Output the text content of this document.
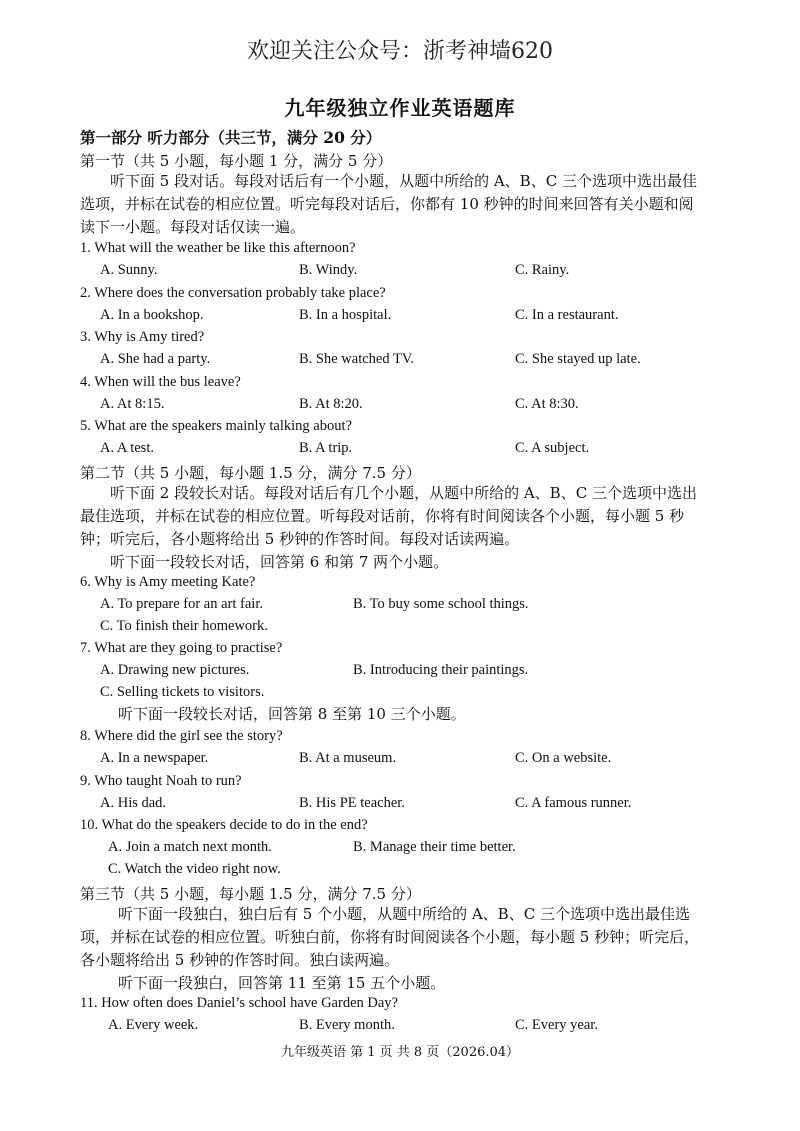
欢迎关注公众号：浙考神墙620
九年级独立作业英语题库
第一部分 听力部分（共三节，满分 20 分）
第一节（共 5 小题，每小题 1 分，满分 5 分）
听下面 5 段对话。每段对话后有一个小题，从题中所给的 A、B、C 三个选项中选出最佳
选项，并标在试卷的相应位置。听完每段对话后，你都有 10 秒钟的时间来回答有关小题和阅
读下一小题。每段对话仅读一遍。
1. What will the weather be like this afternoon?
A. Sunny.	B. Windy.	C. Rainy.
2. Where does the conversation probably take place?
A. In a bookshop.	B. In a hospital.	C. In a restaurant.
3. Why is Amy tired?
A. She had a party.	B. She watched TV.	C. She stayed up late.
4. When will the bus leave?
A. At 8:15.	B. At 8:20.	C. At 8:30.
5. What are the speakers mainly talking about?
A. A test.	B. A trip.	C. A subject.
第二节（共 5 小题，每小题 1.5 分，满分 7.5 分）
听下面 2 段较长对话。每段对话后有几个小题，从题中所给的 A、B、C 三个选项中选出
最佳选项，并标在试卷的相应位置。听每段对话前，你将有时间阅读各个小题，每小题 5 秒
钟；听完后，各小题将给出 5 秒钟的作答时间。每段对话读两遍。
听下面一段较长对话，回答第 6 和第 7 两个小题。
6. Why is Amy meeting Kate?
A. To prepare for an art fair.	B. To buy some school things.
C. To finish their homework.
7. What are they going to practise?
A. Drawing new pictures.	B. Introducing their paintings.
C. Selling tickets to visitors.
听下面一段较长对话，回答第 8 至第 10 三个小题。
8. Where did the girl see the story?
A. In a newspaper.	B. At a museum.	C. On a website.
9. Who taught Noah to run?
A. His dad.	B. His PE teacher.	C. A famous runner.
10. What do the speakers decide to do in the end?
A. Join a match next month.	B. Manage their time better.
C. Watch the video right now.
第三节（共 5 小题，每小题 1.5 分，满分 7.5 分）
听下面一段独白，独白后有 5 个小题，从题中所给的 A、B、C 三个选项中选出最佳选
项，并标在试卷的相应位置。听独白前，你将有时间阅读各个小题，每小题 5 秒钟；听完后，
各小题将给出 5 秒钟的作答时间。独白读两遍。
听下面一段独白，回答第 11 至第 15 五个小题。
11. How often does Daniel’s school have Garden Day?
A. Every week.	B. Every month.	C. Every year.
九年级英语 第 1 页 共 8 页（2026.04）
